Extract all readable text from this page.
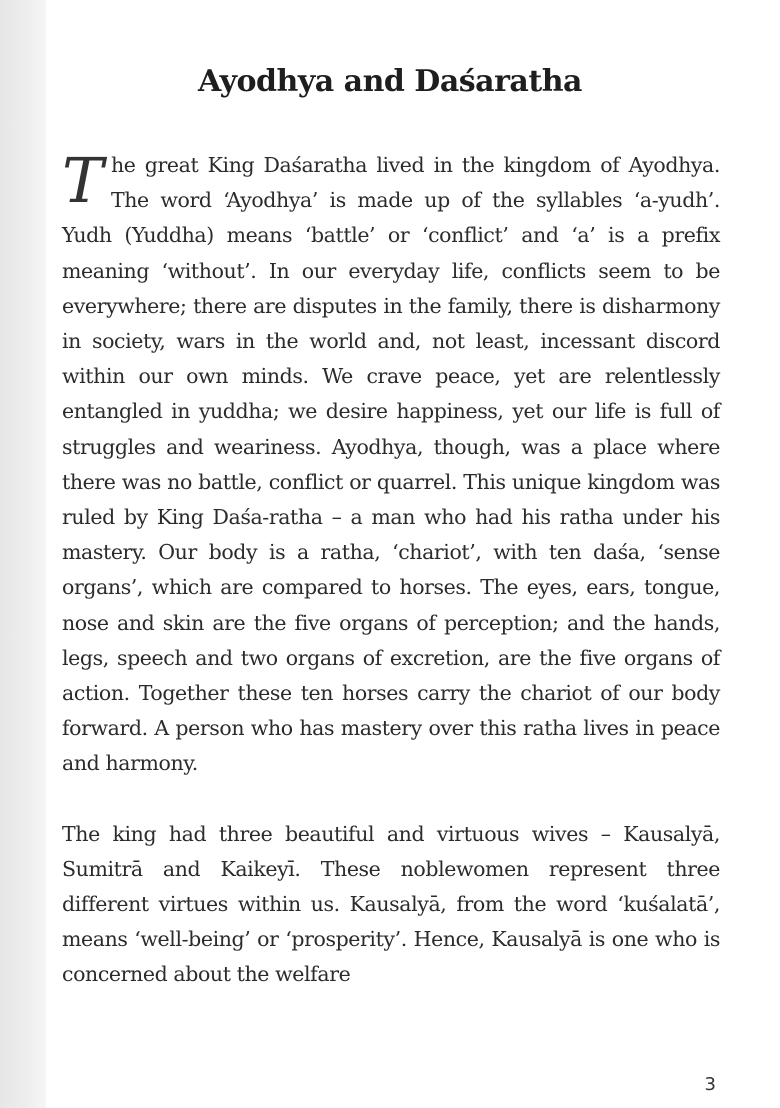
Ayodhya and Daśaratha

The great King Daśaratha lived in the kingdom of Ayodhya. The word ‘Ayodhya’ is made up of the syllables ‘a-yudh’. Yudh (Yuddha) means ‘battle’ or ‘conflict’ and ‘a’ is a prefix meaning ‘without’. In our everyday life, conflicts seem to be everywhere; there are disputes in the family, there is disharmony in society, wars in the world and, not least, incessant discord within our own minds. We crave peace, yet are relentlessly entangled in yuddha; we desire happiness, yet our life is full of struggles and weariness. Ayodhya, though, was a place where there was no battle, conflict or quarrel. This unique kingdom was ruled by King Daśa-ratha – a man who had his ratha under his mastery. Our body is a ratha, ‘chariot’, with ten daśa, ‘sense organs’, which are compared to horses. The eyes, ears, tongue, nose and skin are the five organs of perception; and the hands, legs, speech and two organs of excretion, are the five organs of action. Together these ten horses carry the chariot of our body forward. A person who has mastery over this ratha lives in peace and harmony.

The king had three beautiful and virtuous wives – Kausalyā, Sumitrā and Kaikeyī. These noblewomen represent three different virtues within us. Kausalyā, from the word ‘kuśalatā’, means ‘well-being’ or ‘prosperity’. Hence, Kausalyā is one who is concerned about the welfare

3
